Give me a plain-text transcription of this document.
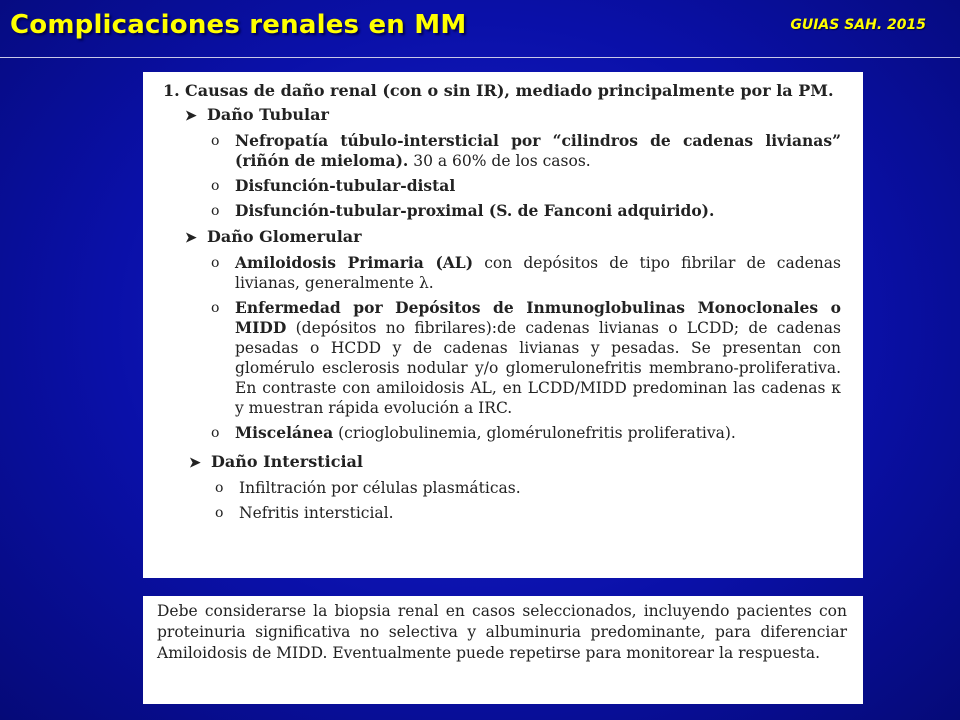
Complicaciones renales en MM	GUIAS SAH. 2015
1. Causas de daño renal (con o sin IR), mediado principalmente por la PM.
➤ Daño Tubular
o Nefropatía túbulo-intersticial por “cilindros de cadenas livianas” (riñón de mieloma). 30 a 60% de los casos.
o Disfunción-tubular-distal
o Disfunción-tubular-proximal (S. de Fanconi adquirido).
➤ Daño Glomerular
o Amiloidosis Primaria (AL) con depósitos de tipo fibrilar de cadenas livianas, generalmente λ.
o Enfermedad por Depósitos de Inmunoglobulinas Monoclonales o MIDD (depósitos no fibrilares):de cadenas livianas o LCDD; de cadenas pesadas o HCDD y de cadenas livianas y pesadas. Se presentan con glomérulo esclerosis nodular y/o glomerulonefritis membrano-proliferativa. En contraste con amiloidosis AL, en LCDD/MIDD predominan las cadenas κ y muestran rápida evolución a IRC.
o Miscelánea (crioglobulinemia, glomérulonefritis proliferativa).
➤ Daño Intersticial
o Infiltración por células plasmáticas.
o Nefritis intersticial.
Debe considerarse la biopsia renal en casos seleccionados, incluyendo pacientes con proteinuria significativa no selectiva y albuminuria predominante, para diferenciar Amiloidosis de MIDD. Eventualmente puede repetirse para monitorear la respuesta.
